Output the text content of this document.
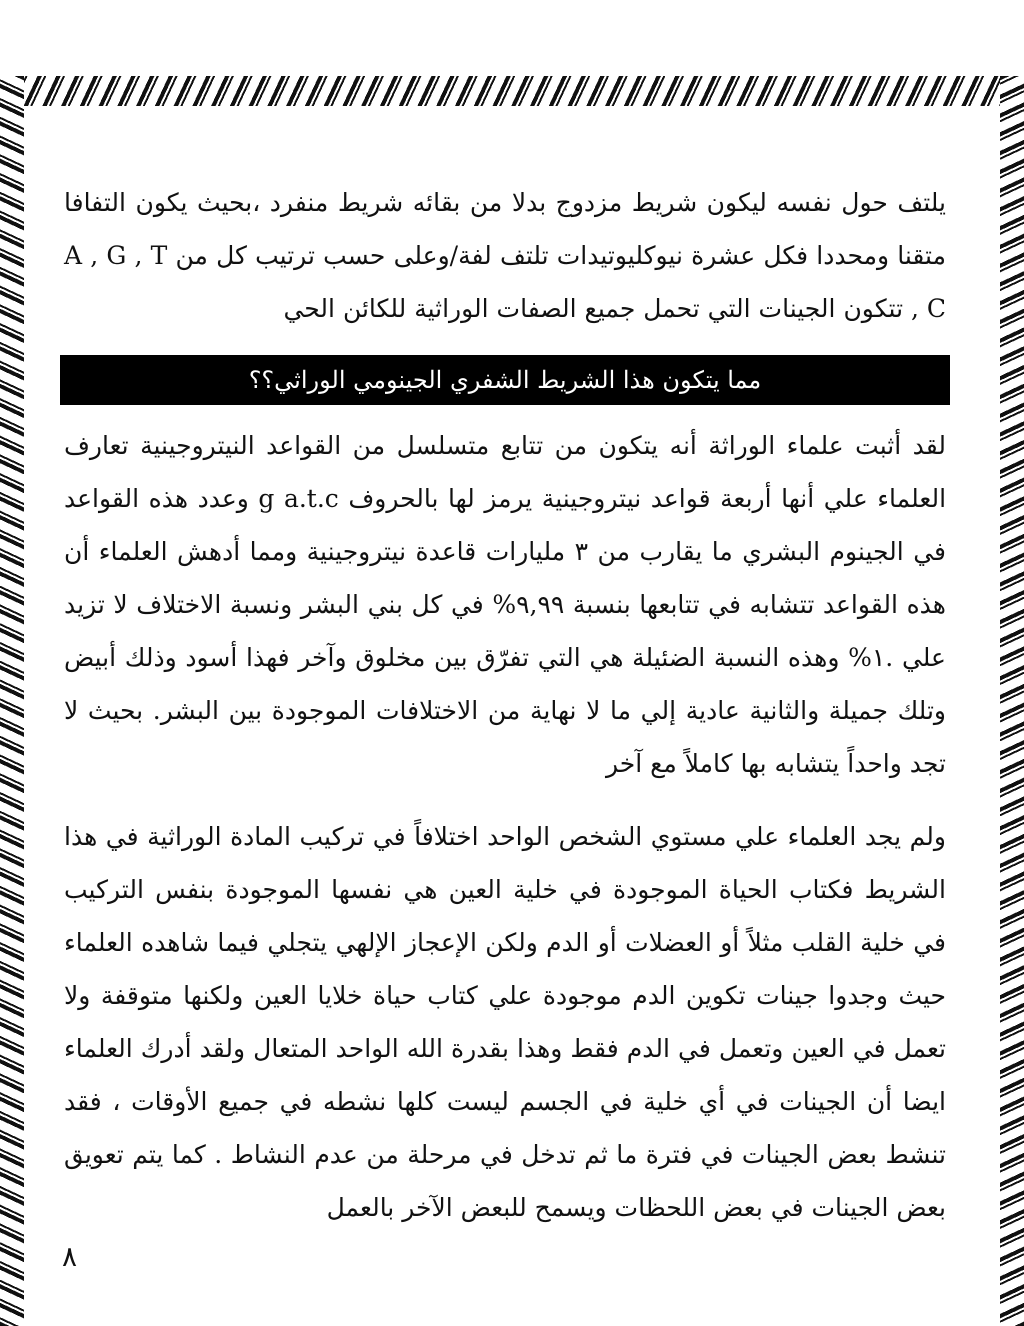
يلتف حول نفسه ليكون شريط مزدوج بدلا من بقائه شريط منفرد ،بحيث يكون التفافا متقنا ومحددا فكل عشرة نيوكليوتيدات تلتف لفة/وعلى حسب ترتيب كل من A , G , T , C تتكون الجينات التي تحمل جميع الصفات الوراثية للكائن الحي

مما يتكون هذا الشريط الشفري الجينومي الوراثي؟؟

لقد أثبت علماء الوراثة أنه يتكون من تتابع متسلسل من القواعد النيتروجينية تعارف العلماء علي أنها أربعة قواعد نيتروجينية يرمز لها بالحروف g a.t.c وعدد هذه القواعد في الجينوم البشري ما يقارب من ٣ مليارات قاعدة نيتروجينية ومما أدهش العلماء أن هذه القواعد تتشابه في تتابعها بنسبة ٩,٩٩% في كل بني البشر ونسبة الاختلاف لا تزيد علي .١% وهذه النسبة الضئيلة هي التي تفرّق بين مخلوق وآخر فهذا أسود وذلك أبيض وتلك جميلة والثانية عادية إلي ما لا نهاية من الاختلافات الموجودة بين البشر. بحيث لا تجد واحداً يتشابه بها كاملاً مع آخر

ولم يجد العلماء علي مستوي الشخص الواحد اختلافاً في تركيب المادة الوراثية في هذا الشريط فكتاب الحياة الموجودة في خلية العين هي نفسها الموجودة بنفس التركيب في خلية القلب مثلاً أو العضلات أو الدم ولكن الإعجاز الإلهي يتجلي فيما شاهده العلماء حيث وجدوا جينات تكوين الدم موجودة علي كتاب حياة خلايا العين ولكنها متوقفة ولا تعمل في العين وتعمل في الدم فقط وهذا بقدرة الله الواحد المتعال ولقد أدرك العلماء ايضا أن الجينات في أي خلية في الجسم ليست كلها نشطه في جميع الأوقات ، فقد تنشط بعض الجينات في فترة ما ثم تدخل في مرحلة من عدم النشاط . كما يتم تعويق بعض الجينات في بعض اللحظات ويسمح للبعض الآخر بالعمل

٨
